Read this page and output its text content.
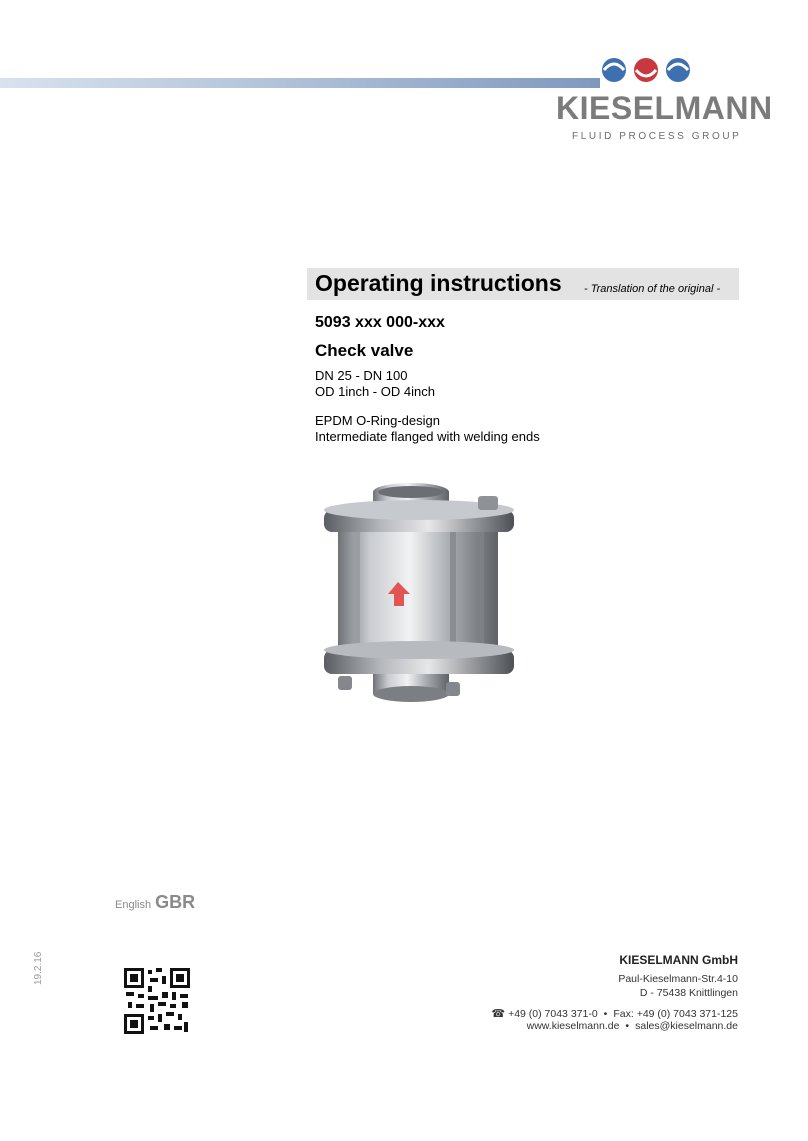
KIESELMANN
FLUID PROCESS GROUP
Operating instructions - Translation of the original -
5093 xxx 000-xxx
Check valve
DN 25 - DN 100
OD 1inch - OD 4inch
EPDM O-Ring-design
Intermediate flanged with welding ends
English GBR
19.2.16	KIESELMANN GmbH
Paul-Kieselmann-Str.4-10
D - 75438 Knittlingen
☎ +49 (0) 7043 371-0 • Fax: +49 (0) 7043 371-125
www.kieselmann.de • sales@kieselmann.de
